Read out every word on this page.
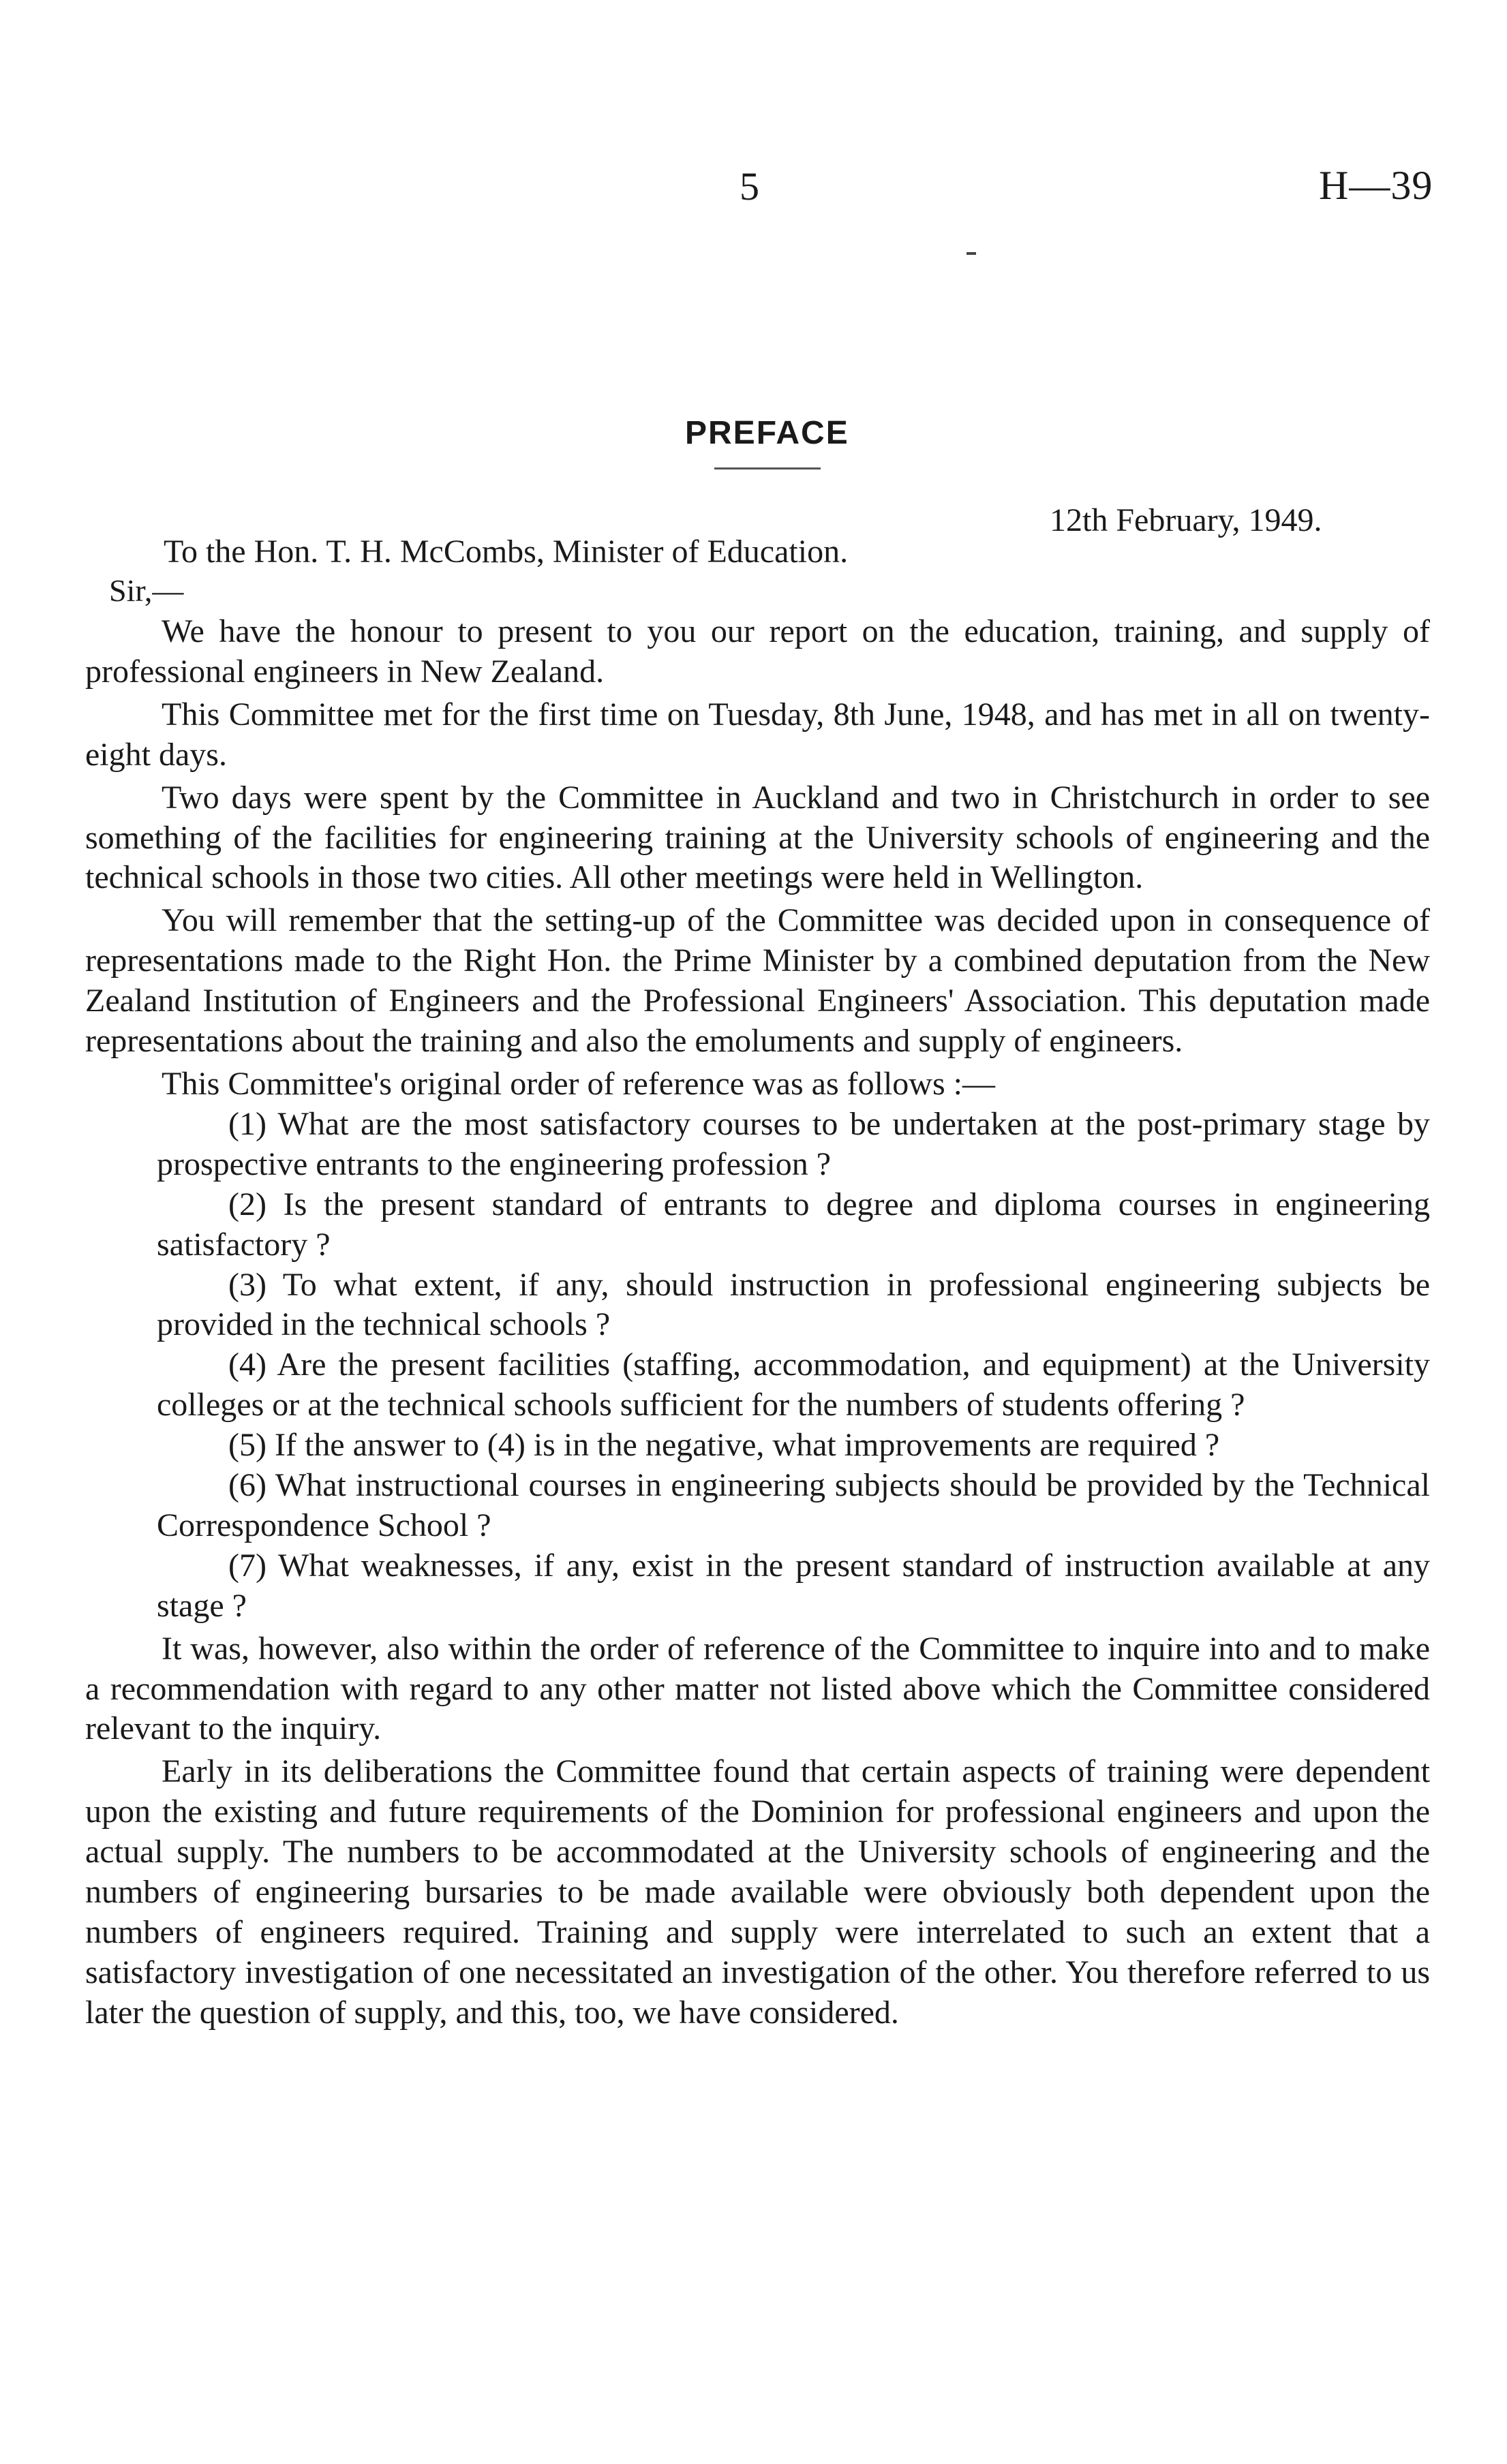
5	H—39
PREFACE
12th February, 1949.
To the Hon. T. H. McCombs, Minister of Education.
Sir,—

We have the honour to present to you our report on the education, training, and supply of professional engineers in New Zealand.

This Committee met for the first time on Tuesday, 8th June, 1948, and has met in all on twenty-eight days.

Two days were spent by the Committee in Auckland and two in Christchurch in order to see something of the facilities for engineering training at the University schools of engineering and the technical schools in those two cities. All other meetings were held in Wellington.

You will remember that the setting-up of the Committee was decided upon in consequence of representations made to the Right Hon. the Prime Minister by a combined deputation from the New Zealand Institution of Engineers and the Professional Engineers' Association. This deputation made representations about the training and also the emoluments and supply of engineers.

This Committee's original order of reference was as follows :—

(1) What are the most satisfactory courses to be undertaken at the post-primary stage by prospective entrants to the engineering profession ?

(2) Is the present standard of entrants to degree and diploma courses in engineering satisfactory ?

(3) To what extent, if any, should instruction in professional engineering subjects be provided in the technical schools ?

(4) Are the present facilities (staffing, accommodation, and equipment) at the University colleges or at the technical schools sufficient for the numbers of students offering ?

(5) If the answer to (4) is in the negative, what improvements are required ?

(6) What instructional courses in engineering subjects should be provided by the Technical Correspondence School ?

(7) What weaknesses, if any, exist in the present standard of instruction available at any stage ?

It was, however, also within the order of reference of the Committee to inquire into and to make a recommendation with regard to any other matter not listed above which the Committee considered relevant to the inquiry.

Early in its deliberations the Committee found that certain aspects of training were dependent upon the existing and future requirements of the Dominion for professional engineers and upon the actual supply. The numbers to be accommodated at the University schools of engineering and the numbers of engineering bursaries to be made available were obviously both dependent upon the numbers of engineers required. Training and supply were interrelated to such an extent that a satisfactory investigation of one necessitated an investigation of the other. You therefore referred to us later the question of supply, and this, too, we have considered.
